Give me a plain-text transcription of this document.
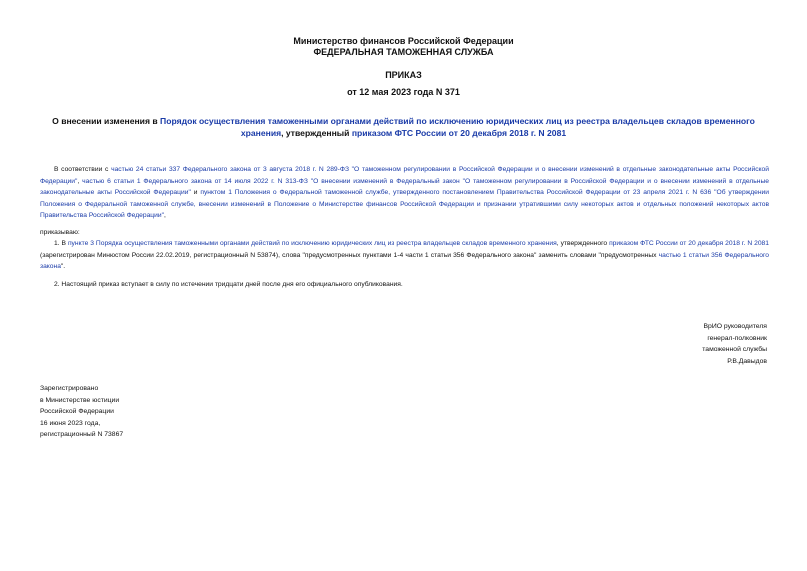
Министерство финансов Российской Федерации
ФЕДЕРАЛЬНАЯ ТАМОЖЕННАЯ СЛУЖБА
ПРИКАЗ
от 12 мая 2023 года N 371
О внесении изменения в Порядок осуществления таможенными органами действий по исключению юридических лиц из реестра владельцев складов временного хранения, утвержденный приказом ФТС России от 20 декабря 2018 г. N 2081
В соответствии с частью 24 статьи 337 Федерального закона от 3 августа 2018 г. N 289-ФЗ "О таможенном регулировании в Российской Федерации и о внесении изменений в отдельные законодательные акты Российской Федерации", частью 6 статьи 1 Федерального закона от 14 июля 2022 г. N 313-ФЗ "О внесении изменений в Федеральный закон "О таможенном регулировании в Российской Федерации и о внесении изменений в отдельные законодательные акты Российской Федерации" и пунктом 1 Положения о Федеральной таможенной службе, утвержденного постановлением Правительства Российской Федерации от 23 апреля 2021 г. N 636 "Об утверждении Положения о Федеральной таможенной службе, внесении изменений в Положение о Министерстве финансов Российской Федерации и признании утратившими силу некоторых актов и отдельных положений некоторых актов Правительства Российской Федерации",
приказываю:
1. В пункте 3 Порядка осуществления таможенными органами действий по исключению юридических лиц из реестра владельцев складов временного хранения, утвержденного приказом ФТС России от 20 декабря 2018 г. N 2081 (зарегистрирован Минюстом России 22.02.2019, регистрационный N 53874), слова "предусмотренных пунктами 1-4 части 1 статьи 356 Федерального закона" заменить словами "предусмотренных частью 1 статьи 356 Федерального закона".
2. Настоящий приказ вступает в силу по истечении тридцати дней после дня его официального опубликования.
ВрИО руководителя
генерал-полковник
таможенной службы
Р.В.Давыдов
Зарегистрировано
в Министерстве юстиции
Российской Федерации
16 июня 2023 года,
регистрационный N 73867
